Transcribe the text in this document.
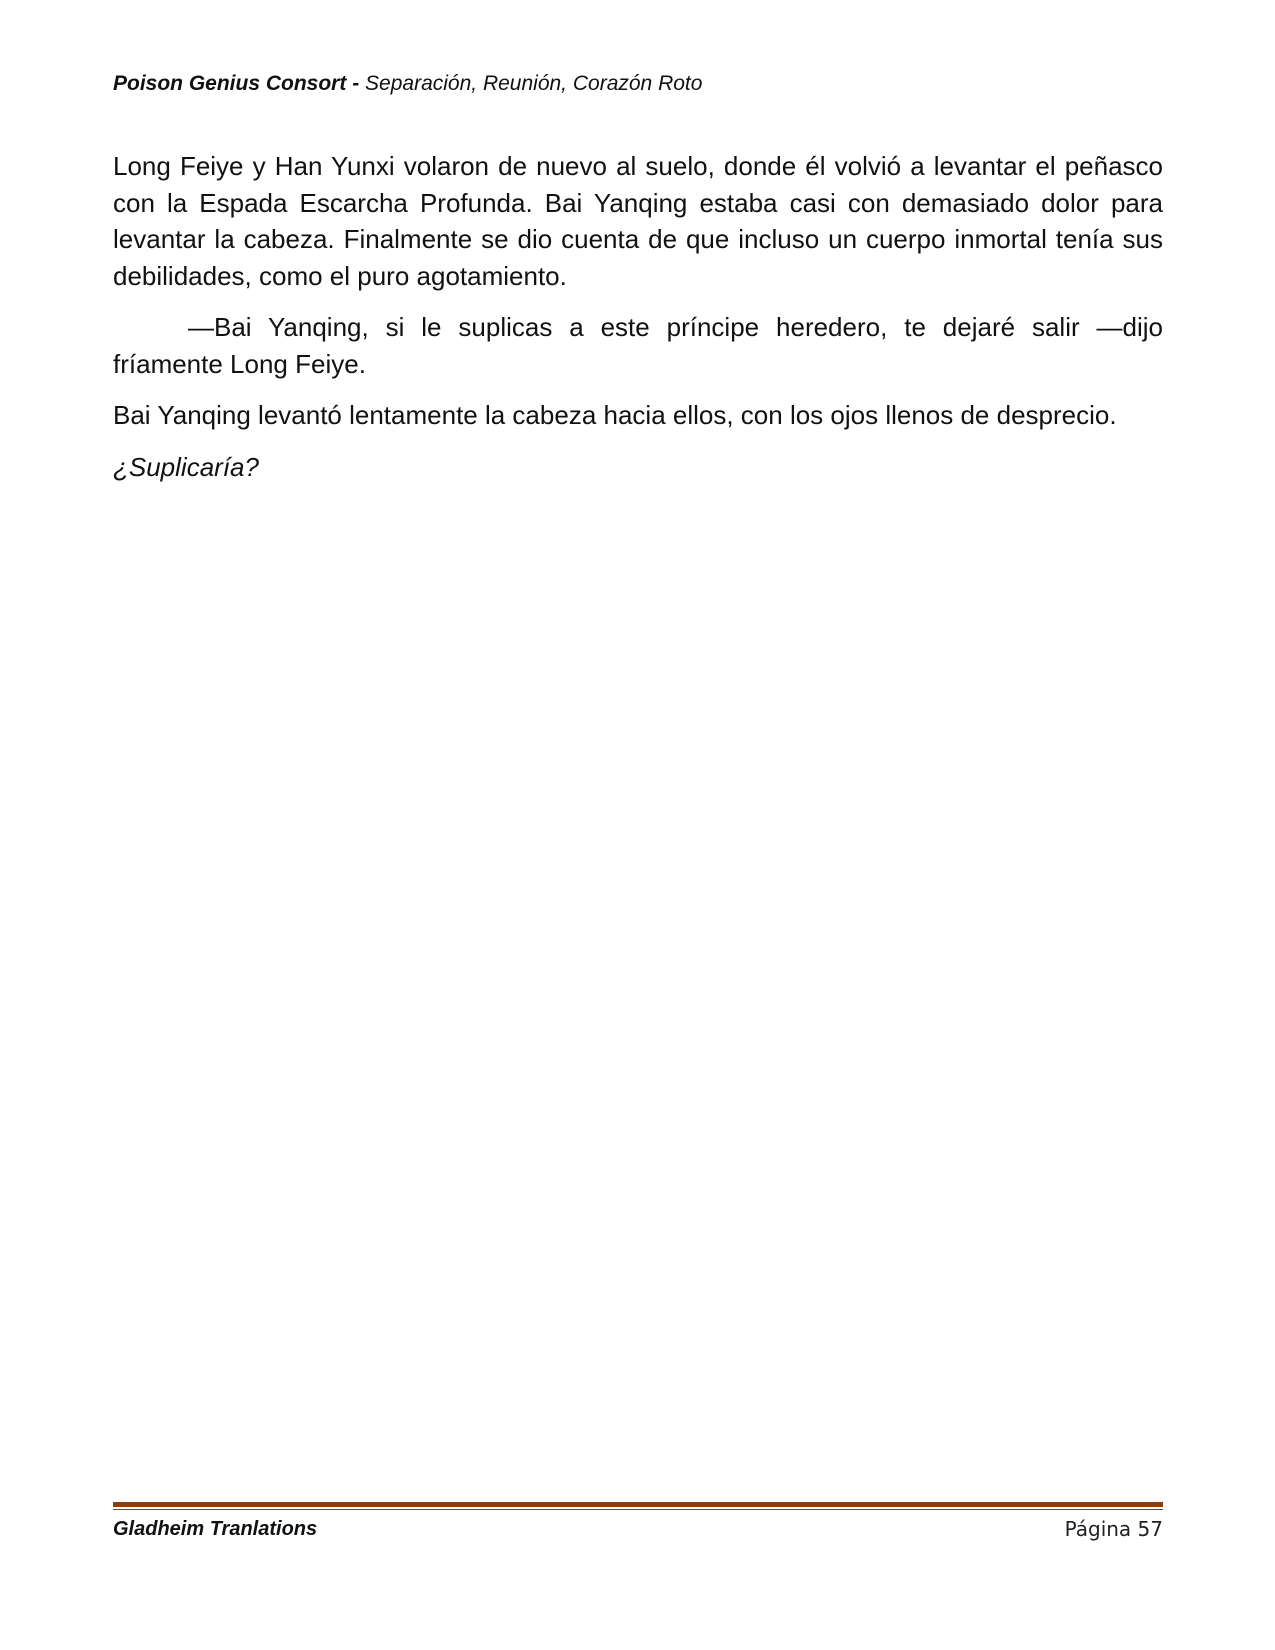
Poison Genius Consort - Separación, Reunión, Corazón Roto

Long Feiye y Han Yunxi volaron de nuevo al suelo, donde él volvió a levantar el peñasco con la Espada Escarcha Profunda. Bai Yanqing estaba casi con demasiado dolor para levantar la cabeza. Finalmente se dio cuenta de que incluso un cuerpo inmortal tenía sus debilidades, como el puro agotamiento.

—Bai Yanqing, si le suplicas a este príncipe heredero, te dejaré salir —dijo fríamente Long Feiye.

Bai Yanqing levantó lentamente la cabeza hacia ellos, con los ojos llenos de desprecio.

¿Suplicaría?

Gladheim Tranlations	Página 57
